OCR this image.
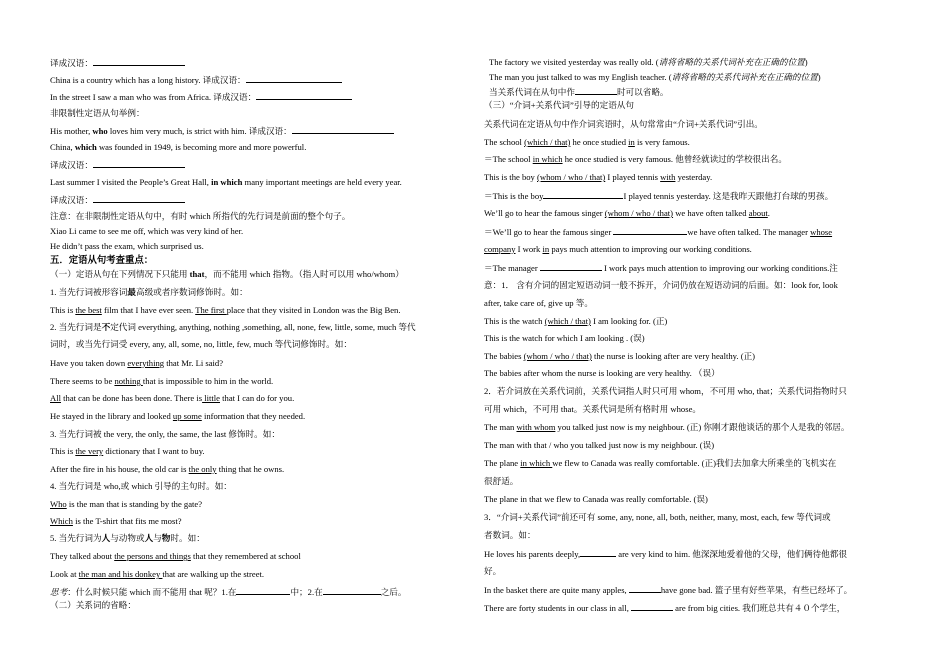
译成汉语：
China is a country which has a long history. 译成汉语：
In the street I saw a man who was from Africa. 译成汉语：
非限制性定语从句举例：
His mother, who loves him very much, is strict with him. 译成汉语：
China, which was founded in 1949, is becoming more and more powerful.
译成汉语：
Last summer I visited the People’s Great Hall, in which many important meetings are held every year.
译成汉语：
注意：在非限制性定语从句中，有时 which 所指代的先行词是前面的整个句子。
Xiao Li came to see me off, which was very kind of her.
He didn’t pass the exam, which surprised us.
五．定语从句考查重点：
（一）定语从句在下列情况下只能用 that，而不能用 which 指物。（指人时可以用 who/whom）
1. 当先行词被形容词最高级或者序数词修饰时。如：
This is the best film that I have ever seen. The first place that they visited in London was the Big Ben.
2. 当先行词是不定代词 everything, anything, nothing ,something, all, none, few, little, some, much 等代
词时，或当先行词受 every, any, all, some, no, little, few, much 等代词修饰时。如：
Have you taken down everything that Mr. Li said?
There seems to be nothing that is impossible to him in the world.
All that can be done has been done. There is little that I can do for you.
He stayed in the library and looked up some information that they needed.
3. 当先行词被 the very, the only, the same, the last 修饰时。如：
This is the very dictionary that I want to buy.
After the fire in his house, the old car is the only thing that he owns.
4. 当先行词是 who,或 which 引导的主句时。如：
Who is the man that is standing by the gate?
Which is the T-shirt that fits me most?
5. 当先行词为人与动物或人与物时。如：
They talked about the persons and things that they remembered at school
Look at the man and his donkey that are walking up the street.
思考：什么时候只能 which 而不能用 that 呢？1.在	中；2.在	之后。
（二）关系词的省略：
The factory we visited yesterday was really old. (请将省略的关系代词补充在正确的位置)
The man you just talked to was my English teacher. (请将省略的关系代词补充在正确的位置)
当关系代词在从句中作	时可以省略。
（三）“介词+关系代词”引导的定语从句
关系代词在定语从句中作介词宾语时，从句常常由“介词+关系代词”引出。
The school (which / that) he once studied in is very famous.
＝The school in which he once studied is very famous. 他曾经就读过的学校很出名。
This is the boy (whom / who / that) I played tennis with yesterday.
＝This is the boy	I played tennis yesterday. 这是我昨天跟他打台球的男孩。
We’ll go to hear the famous singer (whom / who / that) we have often talked about.
＝We’ll go to hear the famous singer	we have often talked. The manager whose
company I work in pays much attention to improving our working conditions.
＝The manager	I work pays much attention to improving our working conditions.注
意：1． 含有介词的固定短语动词一般不拆开，介词仍放在短语动词的后面。如：look for, look
after, take care of, give up 等。
This is the watch (which / that) I am looking for. (正)
This is the watch for which I am looking . (误)
The babies (whom / who / that) the nurse is looking after are very healthy. (正)
The babies after whom the nurse is looking are very healthy. （误）
2．若介词放在关系代词前，关系代词指人时只可用 whom，不可用 who, that；关系代词指物时只
可用 which，不可用 that。关系代词是所有格时用 whose。
The man with whom you talked just now is my neighbour. (正) 你刚才跟他谈话的那个人是我的邻居。
The man with that / who you talked just now is my neighbour. (误)
The plane in which we flew to Canada was really comfortable. (正)我们去加拿大所乘坐的飞机实在
很舒适。
The plane in that we flew to Canada was really comfortable. (误)
3．“介词+关系代词”前还可有 some, any, none, all, both, neither, many, most, each, few 等代词或
者数词。如：
He loves his parents deeply,	are very kind to him. 他深深地爱着他的父母，他们俩待他都很
好。
In the basket there are quite many apples,	have gone bad. 篮子里有好些苹果，有些已经坏了。
There are forty students in our class in all,	are from big cities. 我们班总共有４０个学生，
